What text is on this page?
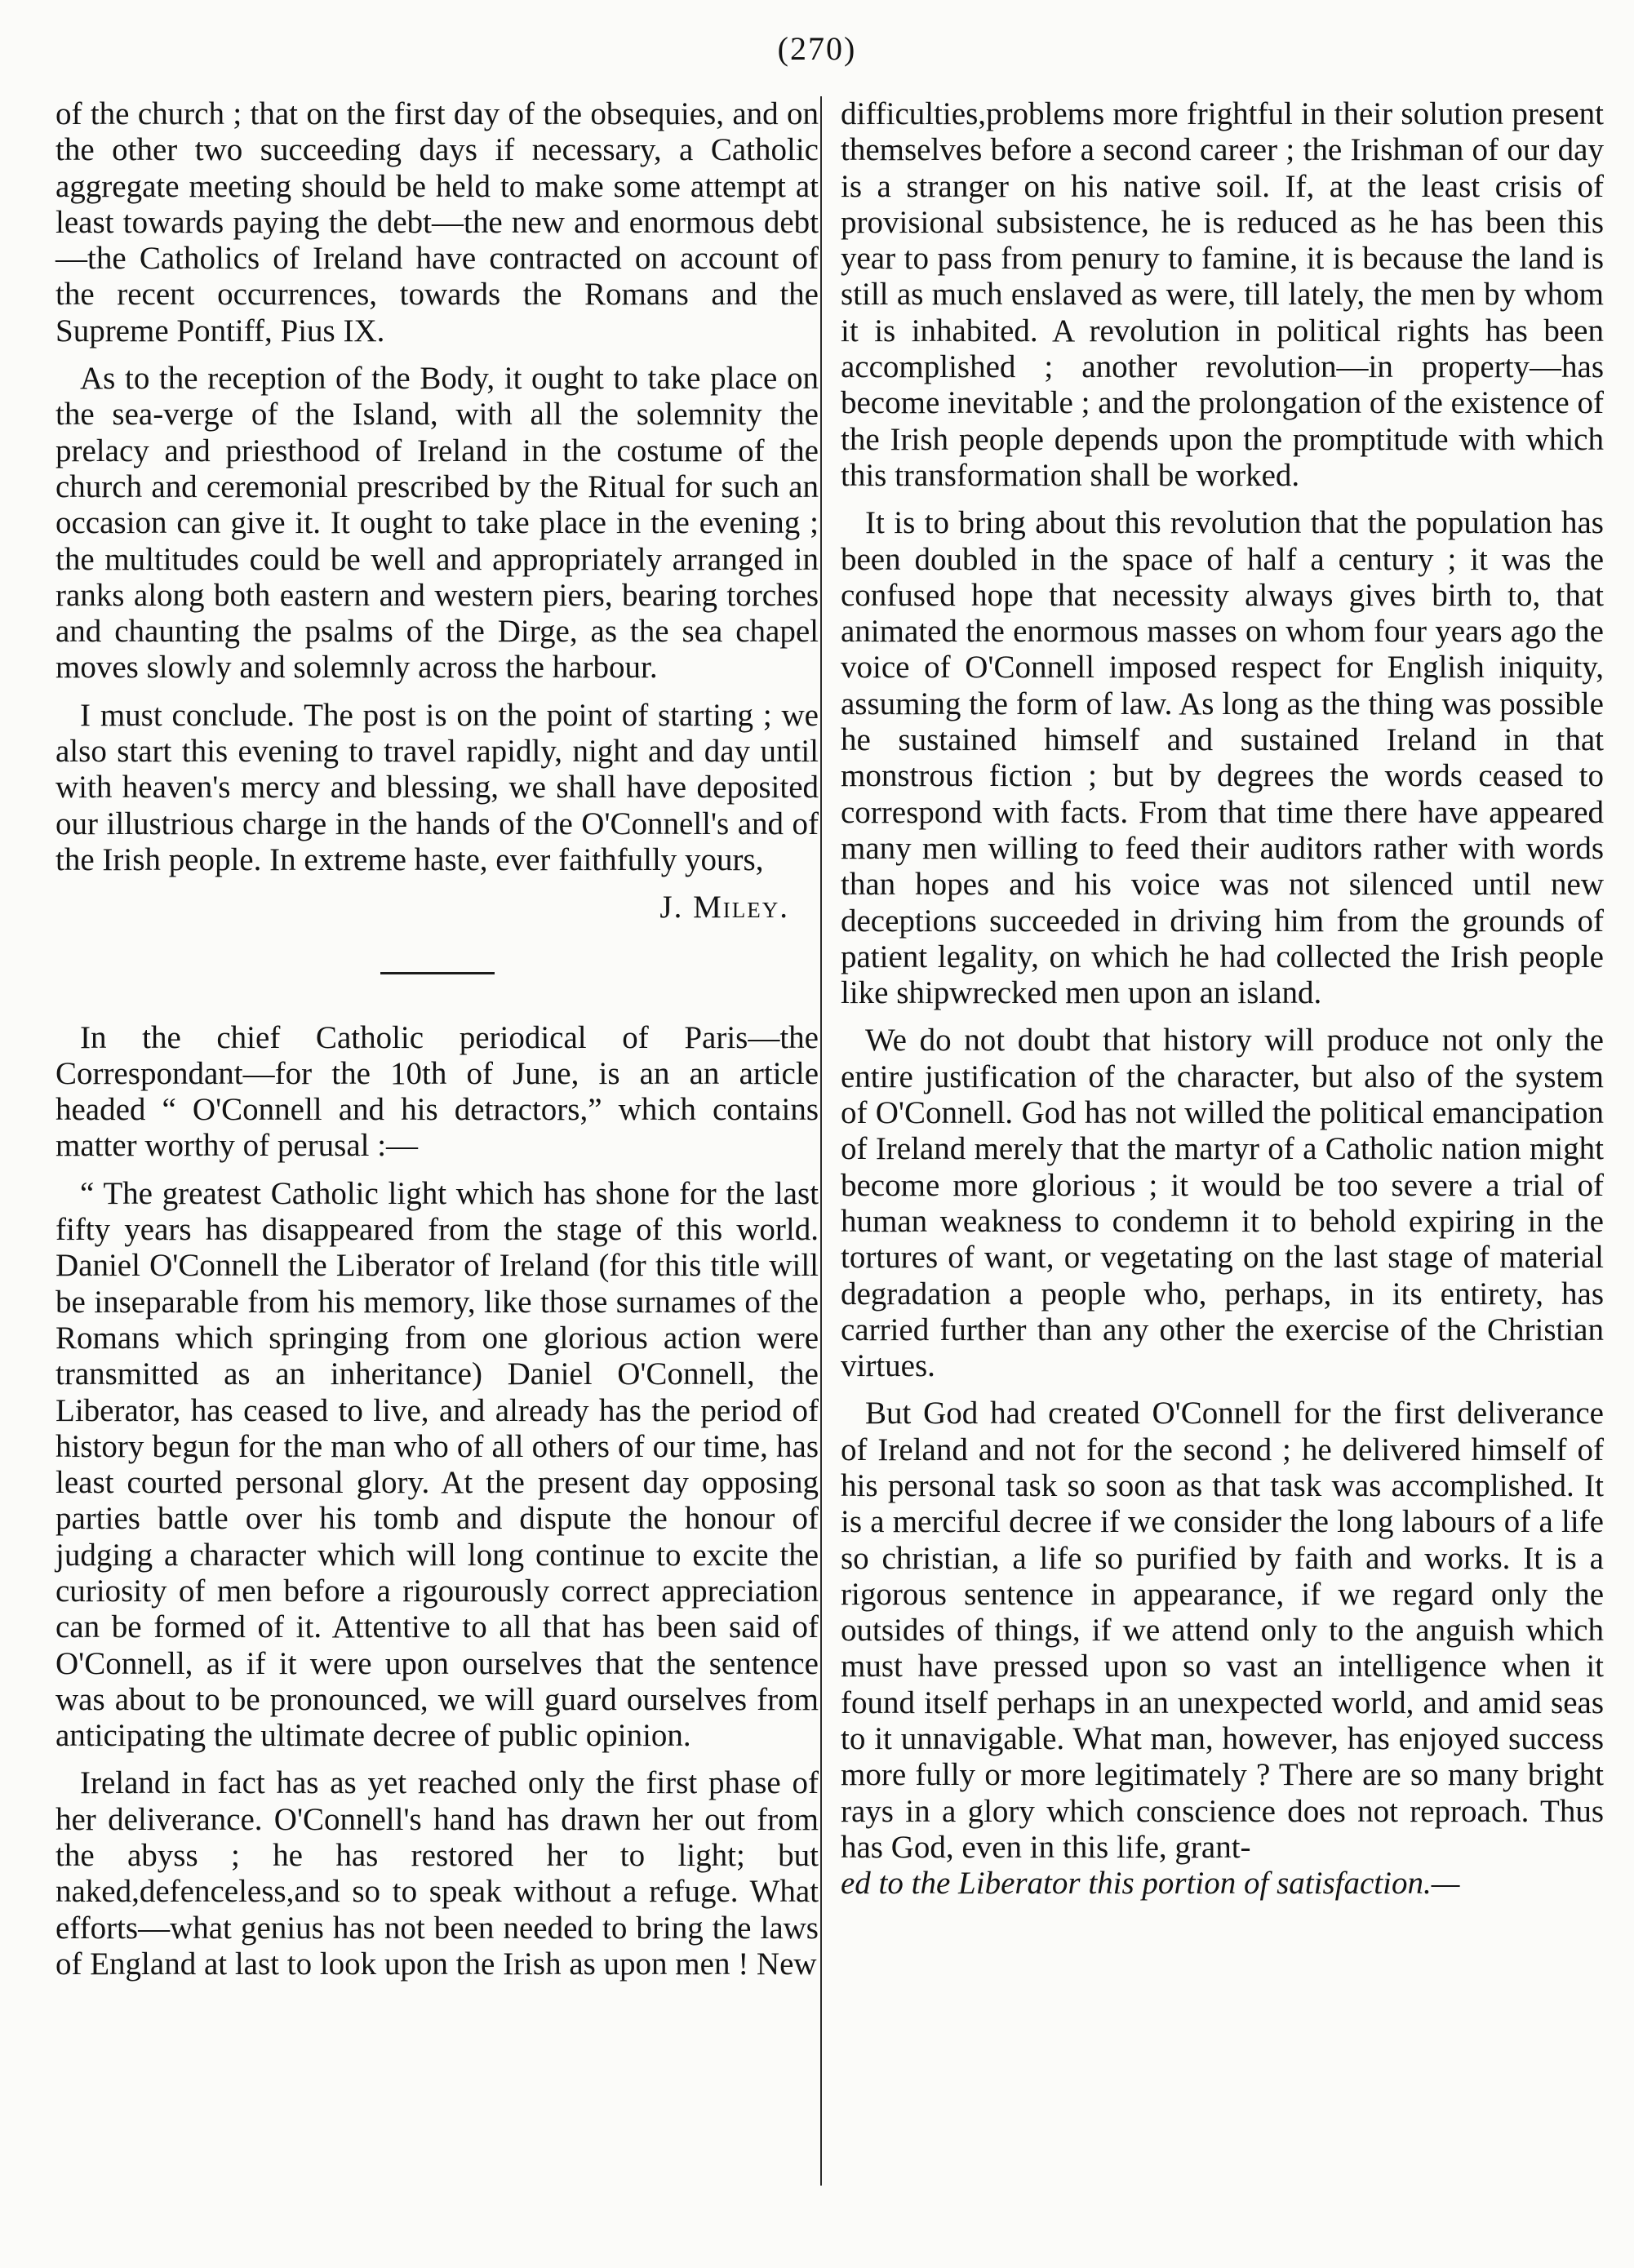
(270)

of the church ; that on the first day of the obsequies, and on the other two succeeding days if necessary, a Catholic aggregate meeting should be held to make some attempt at least towards paying the debt—the new and enormous debt—the Catholics of Ireland have contracted on account of the recent occurrences, towards the Romans and the Supreme Pontiff, Pius IX.

As to the reception of the Body, it ought to take place on the sea-verge of the Island, with all the solemnity the prelacy and priesthood of Ireland in the costume of the church and ceremonial prescribed by the Ritual for such an occasion can give it. It ought to take place in the evening ; the multitudes could be well and appropriately arranged in ranks along both eastern and western piers, bearing torches and chaunting the psalms of the Dirge, as the sea chapel moves slowly and solemnly across the harbour.

I must conclude. The post is on the point of starting ; we also start this evening to travel rapidly, night and day until with heaven's mercy and blessing, we shall have deposited our illustrious charge in the hands of the O'Connell's and of the Irish people. In extreme haste, ever faithfully yours,

J. Miley.

In the chief Catholic periodical of Paris—the Correspondant—for the 10th of June, is an an article headed “ O'Connell and his detractors,” which contains matter worthy of perusal :—

“ The greatest Catholic light which has shone for the last fifty years has disappeared from the stage of this world. Daniel O'Connell the Liberator of Ireland (for this title will be inseparable from his memory, like those surnames of the Romans which springing from one glorious action were transmitted as an inheritance) Daniel O'Connell, the Liberator, has ceased to live, and already has the period of history begun for the man who of all others of our time, has least courted personal glory. At the present day opposing parties battle over his tomb and dispute the honour of judging a character which will long continue to excite the curiosity of men before a rigourously correct appreciation can be formed of it. Attentive to all that has been said of O'Connell, as if it were upon ourselves that the sentence was about to be pronounced, we will guard ourselves from anticipating the ultimate decree of public opinion.

Ireland in fact has as yet reached only the first phase of her deliverance. O'Connell's hand has drawn her out from the abyss ; he has restored her to light; but naked,defenceless,and so to speak without a refuge. What efforts—what genius has not been needed to bring the laws of England at last to look upon the Irish as upon men ! New

difficulties,problems more frightful in their solution present themselves before a second career ; the Irishman of our day is a stranger on his native soil. If, at the least crisis of provisional subsistence, he is reduced as he has been this year to pass from penury to famine, it is because the land is still as much enslaved as were, till lately, the men by whom it is inhabited. A revolution in political rights has been accomplished ; another revolution—in property—has become inevitable ; and the prolongation of the existence of the Irish people depends upon the promptitude with which this transformation shall be worked.

It is to bring about this revolution that the population has been doubled in the space of half a century ; it was the confused hope that necessity always gives birth to, that animated the enormous masses on whom four years ago the voice of O'Connell imposed respect for English iniquity, assuming the form of law. As long as the thing was possible he sustained himself and sustained Ireland in that monstrous fiction ; but by degrees the words ceased to correspond with facts. From that time there have appeared many men willing to feed their auditors rather with words than hopes and his voice was not silenced until new deceptions succeeded in driving him from the grounds of patient legality, on which he had collected the Irish people like shipwrecked men upon an island.

We do not doubt that history will produce not only the entire justification of the character, but also of the system of O'Connell. God has not willed the political emancipation of Ireland merely that the martyr of a Catholic nation might become more glorious ; it would be too severe a trial of human weakness to condemn it to behold expiring in the tortures of want, or vegetating on the last stage of material degradation a people who, perhaps, in its entirety, has carried further than any other the exercise of the Christian virtues.

But God had created O'Connell for the first deliverance of Ireland and not for the second ; he delivered himself of his personal task so soon as that task was accomplished. It is a merciful decree if we consider the long labours of a life so christian, a life so purified by faith and works. It is a rigorous sentence in appearance, if we regard only the outsides of things, if we attend only to the anguish which must have pressed upon so vast an intelligence when it found itself perhaps in an unexpected world, and amid seas to it unnavigable. What man, however, has enjoyed success more fully or more legitimately ? There are so many bright rays in a glory which conscience does not reproach. Thus has God, even in this life, grant-
ed to the Liberator this portion of satisfaction.—
